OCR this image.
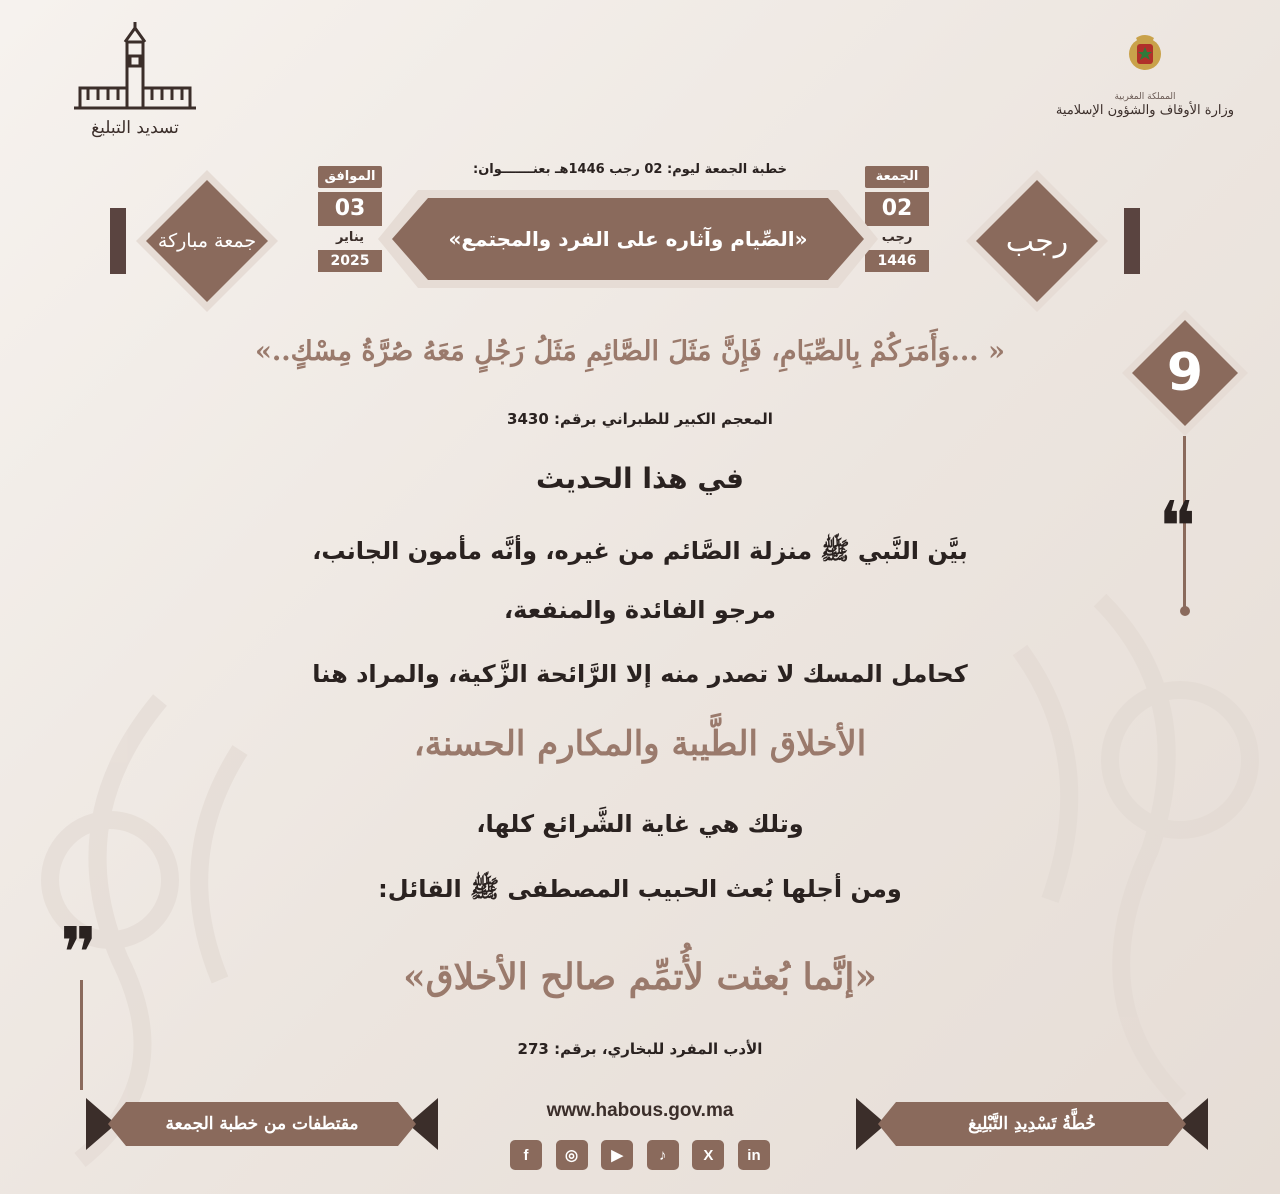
المملكة المغربية
وزارة الأوقاف والشؤون الإسلامية
تسديد التبليغ
خطبة الجمعة ليوم: 02 رجب 1446هـ بعنـــــــوان:
رجب
جمعة مباركة
الجمعة
02
رجب
1446
الموافق
03
يناير
2025
«الصِّيام وآثاره على الفرد والمجتمع»
9
❝
❞
« ...وَأَمَرَكُمْ بِالصِّيَامِ، فَإِنَّ مَثَلَ الصَّائِمِ مَثَلُ رَجُلٍ مَعَهُ صُرَّةُ مِسْكٍ..»
المعجم الكبير للطبراني برقم: 3430
في هذا الحديث
بيَّن النَّبي ﷺ منزلة الصَّائم من غيره، وأنَّه مأمون الجانب،
مرجو الفائدة والمنفعة،
كحامل المسك لا تصدر منه إلا الرَّائحة الزَّكية، والمراد هنا
الأخلاق الطَّيبة والمكارم الحسنة،
وتلك هي غاية الشَّرائع كلها،
ومن أجلها بُعث الحبيب المصطفى ﷺ القائل:
«إنَّما بُعثت لأُتمِّم صالح الأخلاق»
الأدب المفرد للبخاري، برقم: 273
خُطَّةُ تَسْدِيدِ التَّبْلِيغ
مقتطفات من خطبة الجمعة
www.habous.gov.ma
f	◎	▶	♪	X	in
